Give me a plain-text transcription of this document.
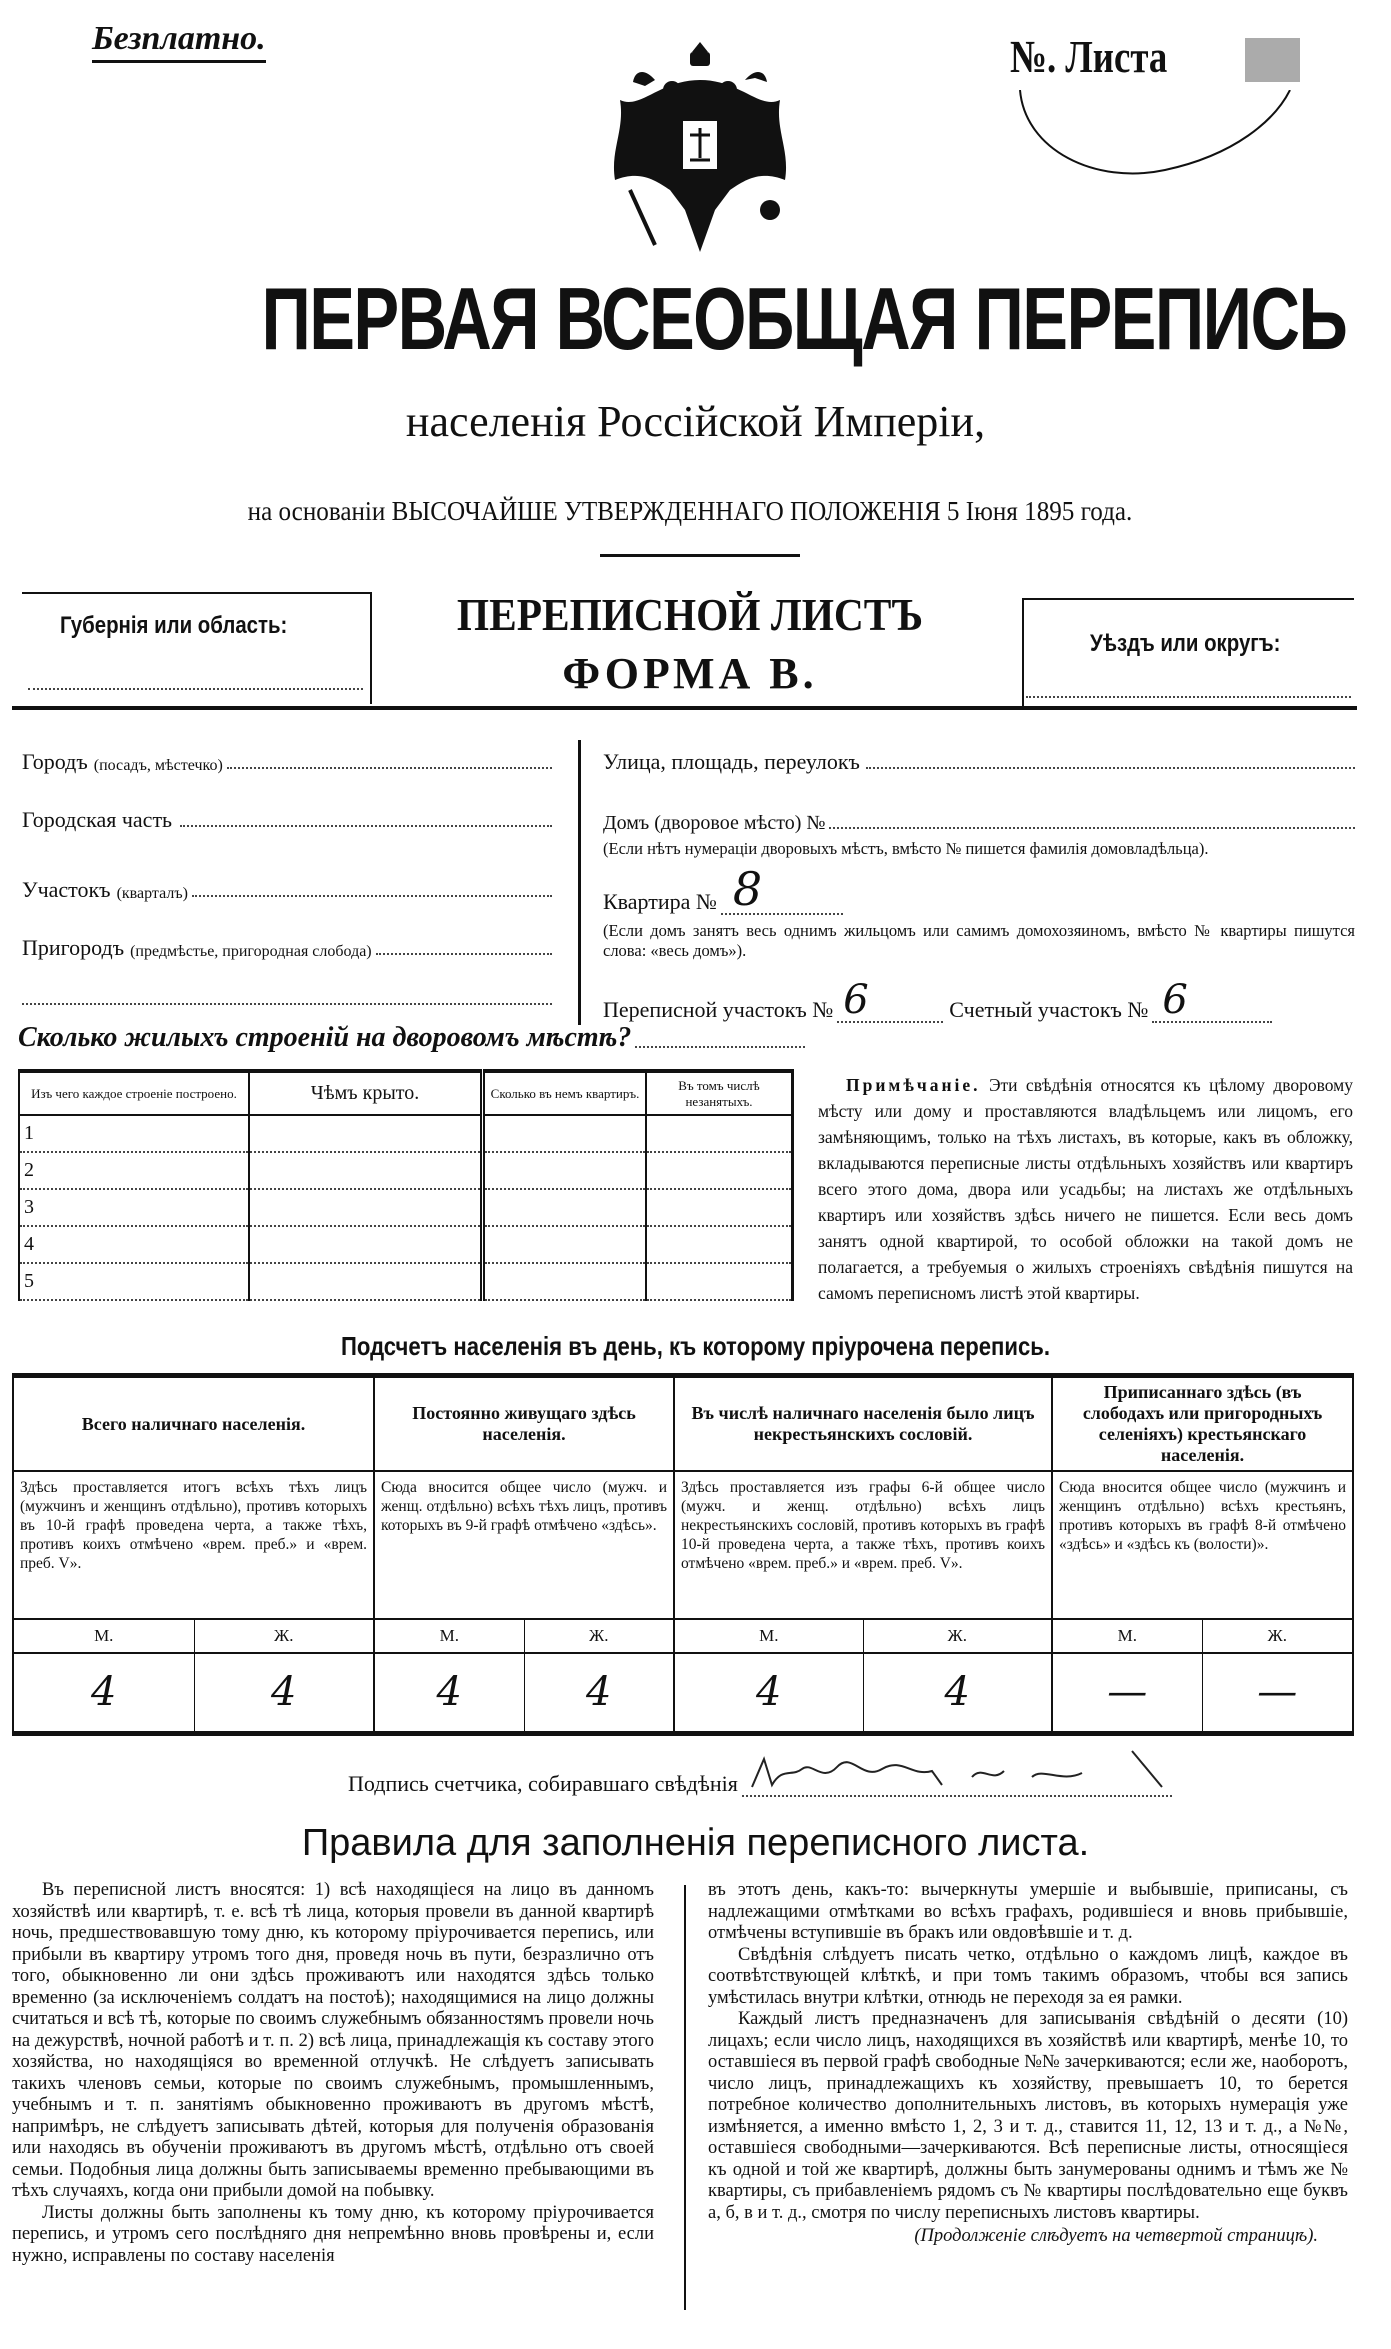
Безплатно.	№. Листа
ПЕРВАЯ ВСЕОБЩАЯ ПЕРЕПИСЬ
населенія Россійской Имперіи,
на основаніи ВЫСОЧАЙШЕ УТВЕРЖДЕННАГО ПОЛОЖЕНІЯ 5 Іюня 1895 года.
Губернія или область:	ПЕРЕПИСНОЙ ЛИСТЪ
ФОРМА В.
Уѣздъ или округъ:
Городъ (посадъ, мѣстечко)
Городская часть
Участокъ (кварталъ)
Пригородъ (предмѣстье, пригородная слобода)
Улица, площадь, переулокъ
Домъ (дворовое мѣсто) №
(Если нѣтъ нумераціи дворовыхъ мѣстъ, вмѣсто № пишется фамилія домовладѣльца).
Квартира № 8
(Если домъ занятъ весь однимъ жильцомъ или самимъ домохозяиномъ, вмѣсто № квартиры пишутся слова: «весь домъ»).
Переписной участокъ № 6	Счетный участокъ № 6
Сколько жилыхъ строеній на дворовомъ мѣстѣ?
Изъ чего каждое строеніе построено.	Чѣмъ крыто.	Сколько въ немъ квартиръ.	Въ томъ числѣ незанятыхъ.
1			
2			
3			
4			
5			
Примѣчаніе. Эти свѣдѣнія относятся къ цѣлому дворовому мѣсту или дому и проставляются владѣльцемъ или лицомъ, его замѣняющимъ, только на тѣхъ листахъ, въ которые, какъ въ обложку, вкладываются переписные листы отдѣльныхъ хозяйствъ или квартиръ всего этого дома, двора или усадьбы; на листахъ же отдѣльныхъ квартиръ или хозяйствъ здѣсь ничего не пишется. Если весь домъ занятъ одной квартирой, то особой обложки на такой домъ не полагается, а требуемыя о жилыхъ строеніяхъ свѣдѣнія пишутся на самомъ переписномъ листѣ этой квартиры.
Подсчетъ населенія въ день, къ которому пріурочена перепись.
Всего наличнаго населенія.		Постоянно живущаго здѣсь населенія.		Въ числѣ наличнаго населенія было лицъ некрестьянскихъ сословій.		Приписаннаго здѣсь (въ слободахъ или пригородныхъ селеніяхъ) крестьянскаго населенія.	
Здѣсь проставляется итогъ всѣхъ тѣхъ лицъ (мужчинъ и женщинъ отдѣльно), противъ которыхъ въ 10-й графѣ проведена черта, а также тѣхъ, противъ коихъ отмѣчено «врем. преб.» и «врем. преб. V».		Сюда вносится общее число (мужч. и женщ. отдѣльно) всѣхъ тѣхъ лицъ, противъ которыхъ въ 9-й графѣ отмѣчено «здѣсь».		Здѣсь проставляется изъ графы 6-й общее число (мужч. и женщ. отдѣльно) всѣхъ лицъ некрестьянскихъ сословій, противъ которыхъ въ графѣ 10-й проведена черта, а также тѣхъ, противъ коихъ отмѣчено «врем. преб.» и «врем. преб. V».		Сюда вносится общее число (мужчинъ и женщинъ отдѣльно) всѣхъ крестьянъ, противъ которыхъ въ графѣ 8-й отмѣчено «здѣсь» и «здѣсь къ (волости)».	
М.	Ж.	М.	Ж.	М.	Ж.	М.	Ж.
4	4	4	4	4	4	—	—
Подпись счетчика, собиравшаго свѣдѣнія
Правила для заполненія переписного листа.

Въ переписной листъ вносятся: 1) всѣ находящіеся на лицо въ данномъ хозяйствѣ или квартирѣ, т. е. всѣ тѣ лица, которыя провели въ данной квартирѣ ночь, предшествовавшую тому дню, къ которому пріурочивается перепись, или прибыли въ квартиру утромъ того дня, проведя ночь въ пути, безразлично отъ того, обыкновенно ли они здѣсь проживаютъ или находятся здѣсь только временно (за исключеніемъ солдатъ на постоѣ); находящимися на лицо должны считаться и всѣ тѣ, которые по своимъ служебнымъ обязанностямъ провели ночь на дежурствѣ, ночной работѣ и т. п. 2) всѣ лица, принадлежащія къ составу этого хозяйства, но находящіяся во временной отлучкѣ. Не слѣдуетъ записывать такихъ членовъ семьи, которые по своимъ служебнымъ, промышленнымъ, учебнымъ и т. п. занятіямъ обыкновенно проживаютъ въ другомъ мѣстѣ, напримѣръ, не слѣдуетъ записывать дѣтей, которыя для полученія образованія или находясь въ обученіи проживаютъ въ другомъ мѣстѣ, отдѣльно отъ своей семьи. Подобныя лица должны быть записываемы временно пребывающими въ тѣхъ случаяхъ, когда они прибыли домой на побывку.

Листы должны быть заполнены къ тому дню, къ которому пріурочивается перепись, и утромъ сего послѣдняго дня непремѣнно вновь провѣрены и, если нужно, исправлены по составу населенія

въ этотъ день, какъ-то: вычеркнуты умершіе и выбывшіе, приписаны, съ надлежащими отмѣтками во всѣхъ графахъ, родившіеся и вновь прибывшіе, отмѣчены вступившіе въ бракъ или овдовѣвшіе и т. д.

Свѣдѣнія слѣдуетъ писать четко, отдѣльно о каждомъ лицѣ, каждое въ соотвѣтствующей клѣткѣ, и при томъ такимъ образомъ, чтобы вся запись умѣстилась внутри клѣтки, отнюдь не переходя за ея рамки.

Каждый листъ предназначенъ для записыванія свѣдѣній о десяти (10) лицахъ; если число лицъ, находящихся въ хозяйствѣ или квартирѣ, менѣе 10, то оставшіеся въ первой графѣ свободные №№ зачеркиваются; если же, наоборотъ, число лицъ, принадлежащихъ къ хозяйству, превышаетъ 10, то берется потребное количество дополнительныхъ листовъ, въ которыхъ нумерація уже измѣняется, а именно вмѣсто 1, 2, 3 и т. д., ставится 11, 12, 13 и т. д., а №№, оставшіеся свободными—зачеркиваются. Всѣ переписные листы, относящіеся къ одной и той же квартирѣ, должны быть занумерованы однимъ и тѣмъ же № квартиры, съ прибавленіемъ рядомъ съ № квартиры послѣдовательно еще буквъ а, б, в и т. д., смотря по числу переписныхъ листовъ квартиры.

(Продолженіе слѣдуетъ на четвертой страницѣ).
